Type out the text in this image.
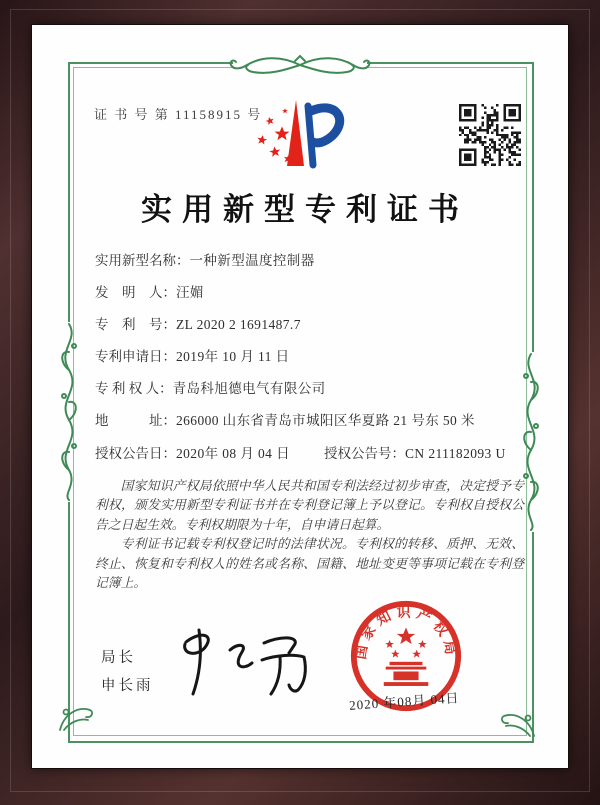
证 书 号 第 11158915 号
实用新型专利证书
实用新型名称： 一种新型温度控制器
发　明　人： 汪媚
专　利　号： ZL 2020 2 1691487.7
专利申请日： 2019年 10 月 11 日
专 利 权 人： 青岛科旭德电气有限公司
地　　　址： 266000 山东省青岛市城阳区华夏路 21 号东 50 米
授权公告日： 2020年 08 月 04 日	授权公告号： CN 211182093 U

国家知识产权局依照中华人民共和国专利法经过初步审查，决定授予专利权，颁发实用新型专利证书并在专利登记簿上予以登记。专利权自授权公告之日起生效。专利权期限为十年，自申请日起算。

专利证书记载专利权登记时的法律状况。专利权的转移、质押、无效、终止、恢复和专利权人的姓名或名称、国籍、地址变更等事项记载在专利登记簿上。

局长
申长雨
国家知识产权局
2020 年08月 04日
